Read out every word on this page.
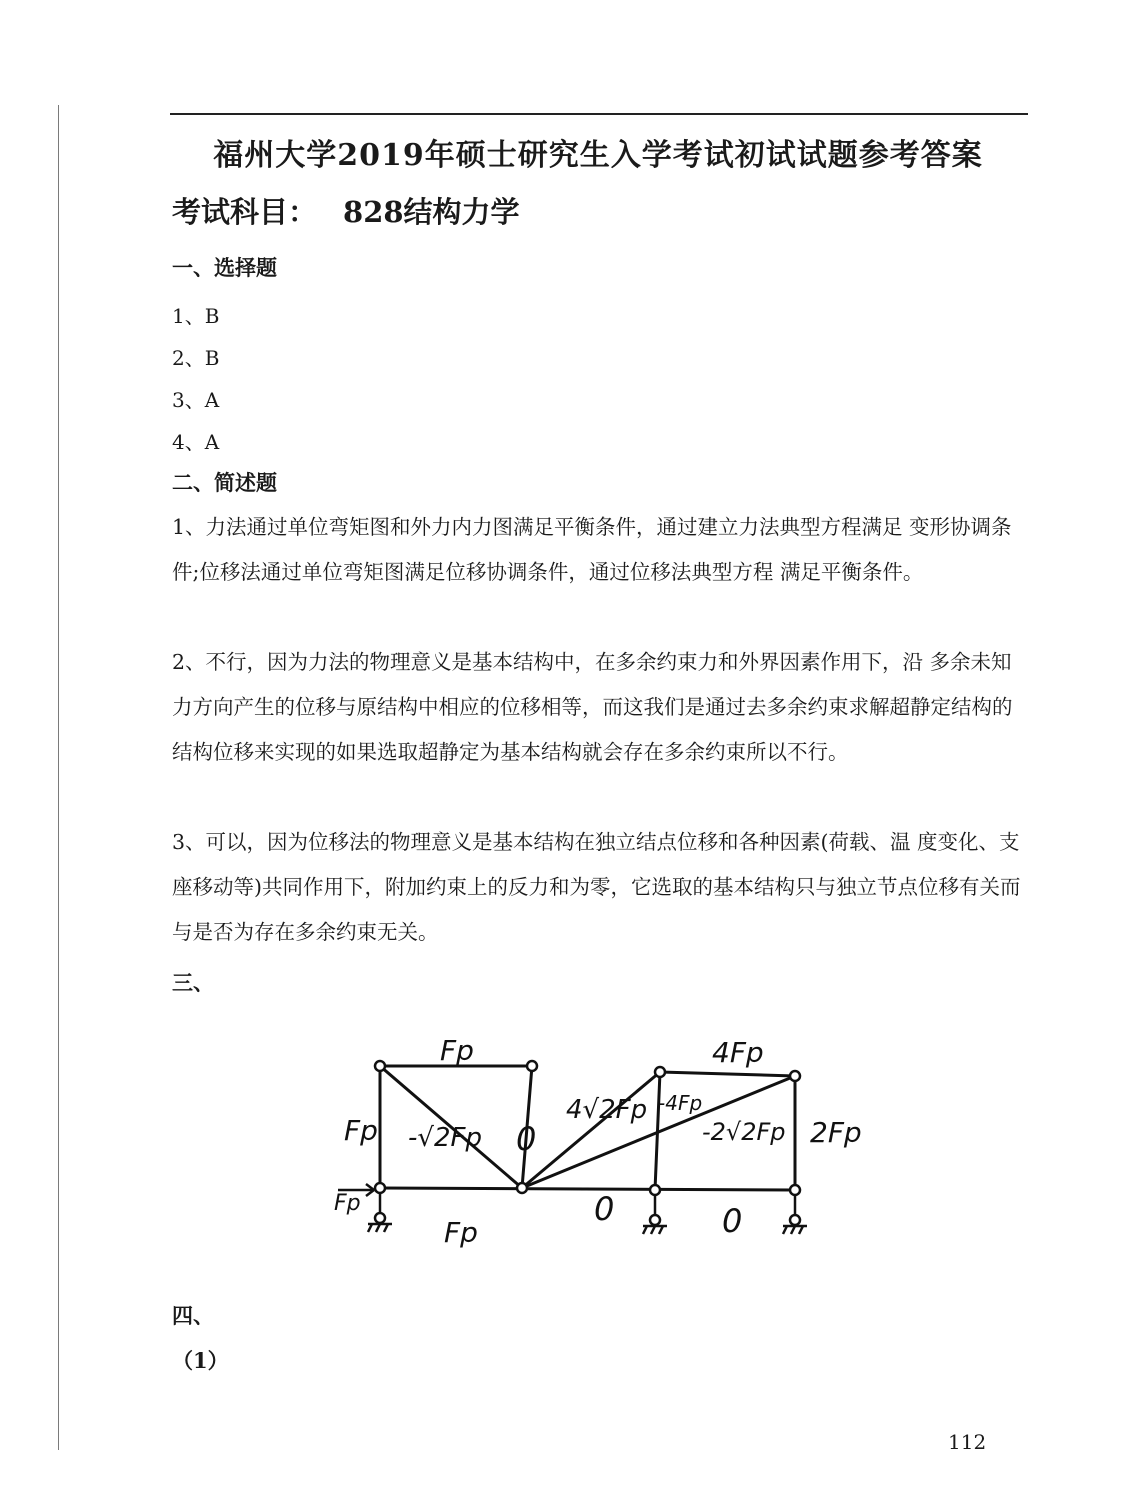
福州大学2019年硕士研究生入学考试初试试题参考答案
考试科目： 828结构力学
一、选择题
1、B
2、B
3、A
4、A
二、简述题
1、力法通过单位弯矩图和外力内力图满足平衡条件，通过建立力法典型方程满足 变形协调条件;位移法通过单位弯矩图满足位移协调条件，通过位移法典型方程 满足平衡条件。
2、不行，因为力法的物理意义是基本结构中，在多余约束力和外界因素作用下，沿 多余未知力方向产生的位移与原结构中相应的位移相等，而这我们是通过去多余约束求解超静定结构的结构位移来实现的如果选取超静定为基本结构就会存在多余约束所以不行。
3、可以，因为位移法的物理意义是基本结构在独立结点位移和各种因素(荷载、温 度变化、支座移动等)共同作用下，附加约束上的反力和为零，它选取的基本结构只与独立节点位移有关而与是否为存在多余约束无关。
三、
Fp
Fp -√2Fp
Fp
0
Fp
4√2Fp -4Fp
4Fp
-2√2Fp 2Fp
0	0
四、
（1）
112
